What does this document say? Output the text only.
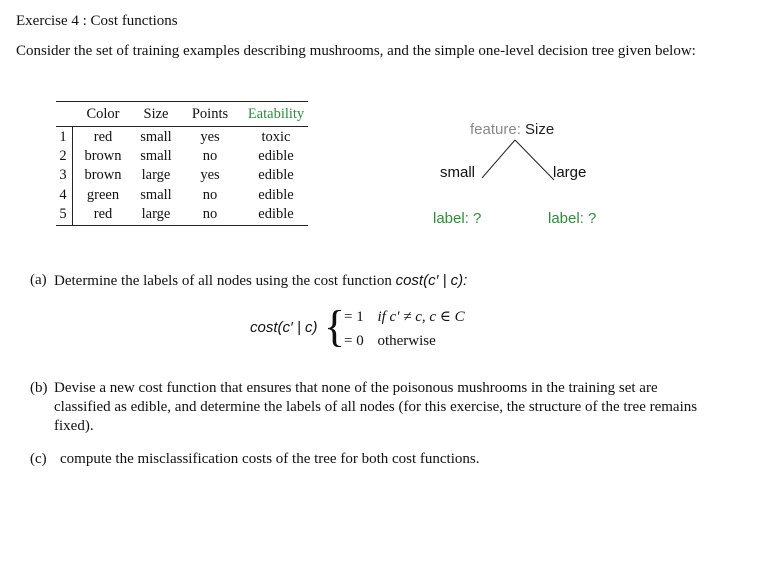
Exercise 4 : Cost functions
Consider the set of training examples describing mushrooms, and the simple one-level decision tree given below:
Color Size Points Eatability
1 red small yes	toxic
2 brown small no	edible
3 brown large yes	edible
4 green small no	edible
5 red large no	edible
feature: Size
small	large
label: ?	label: ?
(a) Determine the labels of all nodes using the cost function cost(c′ | c):
cost(c′ | c) {
= 1 if c′ ≠ c, c ∈ C
= 0 otherwise
(b) Devise a new cost function that ensures that none of the poisonous mushrooms in the training set are classified as edible, and determine the labels of all nodes (for this exercise, the structure of the tree remains fixed).
(c) compute the misclassification costs of the tree for both cost functions.
